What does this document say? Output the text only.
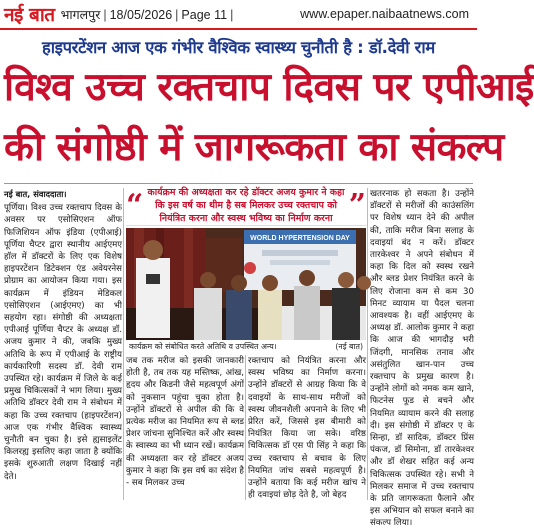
नई बात भागलपुर | 18/05/2026 | Page 11 |	www.epaper.naibaatnews.com
हाइपरटेंशन आज एक गंभीर वैश्विक स्वास्थ्य चुनौती है : डॉ.देवी राम
विश्व उच्च रक्तचाप दिवस पर एपीआई
की संगोष्ठी में जागरूकता का संकल्प
नई बात, संवाददाता।
पूर्णिया। विश्व उच्च रक्तचाप दिवस के अवसर पर एसोसिएशन ऑफ फिजिशियन ऑफ इंडिया (एपीआई) पूर्णिया चैप्टर द्वारा स्थानीय आईएमए हॉल में डॉक्टरों के लिए एक विशेष हाइपरटेंशन डिटेक्शन एंड अवेयरनेस प्रोग्राम का आयोजन किया गया। इस कार्यक्रम में इंडियन मेडिकल एसोसिएशन (आईएमए) का भी सहयोग रहा। संगोष्ठी की अध्यक्षता एपीआई पूर्णिया चैप्टर के अध्यक्ष डॉ. अजय कुमार ने की, जबकि मुख्य अतिथि के रूप में एपीआई के राष्ट्रीय कार्यकारिणी सदस्य डॉ. देवी राम उपस्थित रहे। कार्यक्रम में जिले के कई प्रमुख चिकित्सकों ने भाग लिया। मुख्य अतिथि डॉक्टर देवी राम ने संबोधन में कहा कि उच्च रक्तचाप (हाइपरटेंशन) आज एक गंभीर वैश्विक स्वास्थ्य चुनौती बन चुका है। इसे ह्यसाइलेंट किलरह्य इसलिए कहा जाता है क्योंकि इसके शुरुआती लक्षण दिखाई नहीं देते।
“ कार्यक्रम की अध्यक्षता कर रहे डॉक्टर अजय कुमार ने कहा कि इस वर्ष का थीम है सब मिलकर उच्च रक्तचाप को नियंत्रित करना और स्वस्थ भविष्य का निर्माण करना ”
WORLD HYPERTENSION DAY
कार्यक्रम को संबोधित करते अतिथि व उपस्थित अन्य।	(नई बात)
जब तक मरीज को इसकी जानकारी होती है, तब तक यह मस्तिष्क, आंख, हृदय और किडनी जैसे महत्वपूर्ण अंगों को नुकसान पहुंचा चुका होता है। उन्होंने डॉक्टरों से अपील की कि वे प्रत्येक मरीज का नियमित रूप से ब्लड प्रेशर जांचना सुनिश्चित करें और स्वस्थ के स्वास्थ्य का भी ध्यान रखें। कार्यक्रम की अध्यक्षता कर रहे डॉक्टर अजय कुमार ने कहा कि इस वर्ष का संदेश है - सब मिलकर उच्च
रक्तचाप को नियंत्रित करना और स्वस्थ भविष्य का निर्माण करना। उन्होंने डॉक्टरों से आग्रह किया कि वे दवाइयों के साथ-साथ मरीजों को स्वस्थ जीवनशैली अपनाने के लिए भी प्रेरित करें, जिससे इस बीमारी को नियंत्रित किया जा सके। वरिष्ठ चिकित्सक डॉ एस पी सिंह ने कहा कि उच्च रक्तचाप से बचाव के लिए नियमित जांच सबसे महत्वपूर्ण है। उन्होंने बताया कि कई मरीज खांच ने ही दवाइयां छोड़ देते है, जो बेहद
खतरनाक हो सकता है। उन्होंने डॉक्टरों से मरीजों की काउंसलिंग पर विशेष ध्यान देने की अपील की, ताकि मरीज बिना सलाह के दवाइयां बंद न करें। डॉक्टर तारकेश्वर ने अपने संबोधन में कहा कि दिल को स्वस्थ रखने और ब्लड प्रेशर नियंत्रित करने के लिए रोजाना कम से कम 30 मिनट व्यायाम या पैदल चलना आवश्यक है। वहीं आईएमए के अध्यक्ष डॉ. आलोक कुमार ने कहा कि आज की भागदौड़ भरी जिंदगी, मानसिक तनाव और असंतुलित खान-पान उच्च रक्तचाप के प्रमुख कारण है। उन्होंने लोगों को नमक कम खाने, फिटनेस फूड से बचने और नियमित व्यायाम करने की सलाह दी। इस संगोष्ठी में डॉक्टर ए के सिन्हा, डॉ सादिक, डॉक्टर प्रिंस पंकज, डॉ सिमोना, डॉ तारकेश्वर और डॉ शेखर सहित कई अन्य चिकित्सक उपस्थित रहे। सभी ने मिलकर समाज में उच्च रक्तचाप के प्रति जागरूकता फैलाने और इस अभियान को सफल बनाने का संकल्प लिया।
